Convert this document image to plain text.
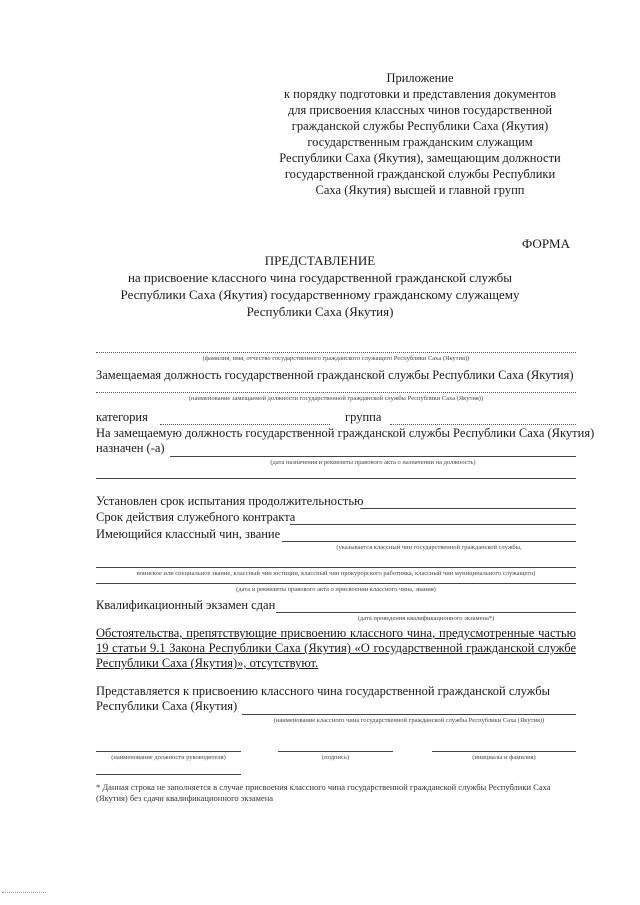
Приложение
к порядку подготовки и представления документов
для присвоения классных чинов государственной
гражданской службы Республики Саха (Якутия)
государственным гражданским служащим
Республики Саха (Якутия), замещающим должности
государственной гражданской службы Республики
Саха (Якутия) высшей и главной групп
ФОРМА
ПРЕДСТАВЛЕНИЕ
на присвоение классного чина государственной гражданской службы
Республики Саха (Якутия) государственному гражданскому служащему
Республики Саха (Якутия)
(фамилия, имя, отчество государственного гражданского служащего Республики Саха (Якутия))
Замещаемая должность государственной гражданской службы Республики Саха (Якутия)
(наименование замещаемой должности государственной гражданской службы Республики Саха (Якутия))
категория	группа
На замещаемую должность государственной гражданской службы Республики Саха (Якутия)
назначен (-а)
(дата назначения и реквизиты правового акта о назначении на должность)
Установлен срок испытания продолжительностью
Срок действия служебного контракта
Имеющийся классный чин, звание
(указывается классный чин государственной гражданской службы,
воинское или специальное звание, классный чин юстиции, классный чин прокурорского работника, классный чин муниципального служащего)
(дата и реквизиты правового акта о присвоении классного чина, звания)
Квалификационный экзамен сдан
(дата проведения квалификационного экзамена*)
Обстоятельства, препятствующие присвоению классного чина, предусмотренные частью 19 статьи 9.1 Закона Республики Саха (Якутия) «О государственной гражданской службе Республики Саха (Якутия)», отсутствуют.
Представляется к присвоению классного чина государственной гражданской службы
Республики Саха (Якутия)
(наименование классного чина государственной гражданской службы Республики Саха (Якутия))
(наименование должности руководителя)	(подпись)	(инициалы и фамилия)
* Данная строка не заполняется в случае присвоения классного чина государственной гражданской службы Республики Саха (Якутия) без сдачи квалификационного экзамена
